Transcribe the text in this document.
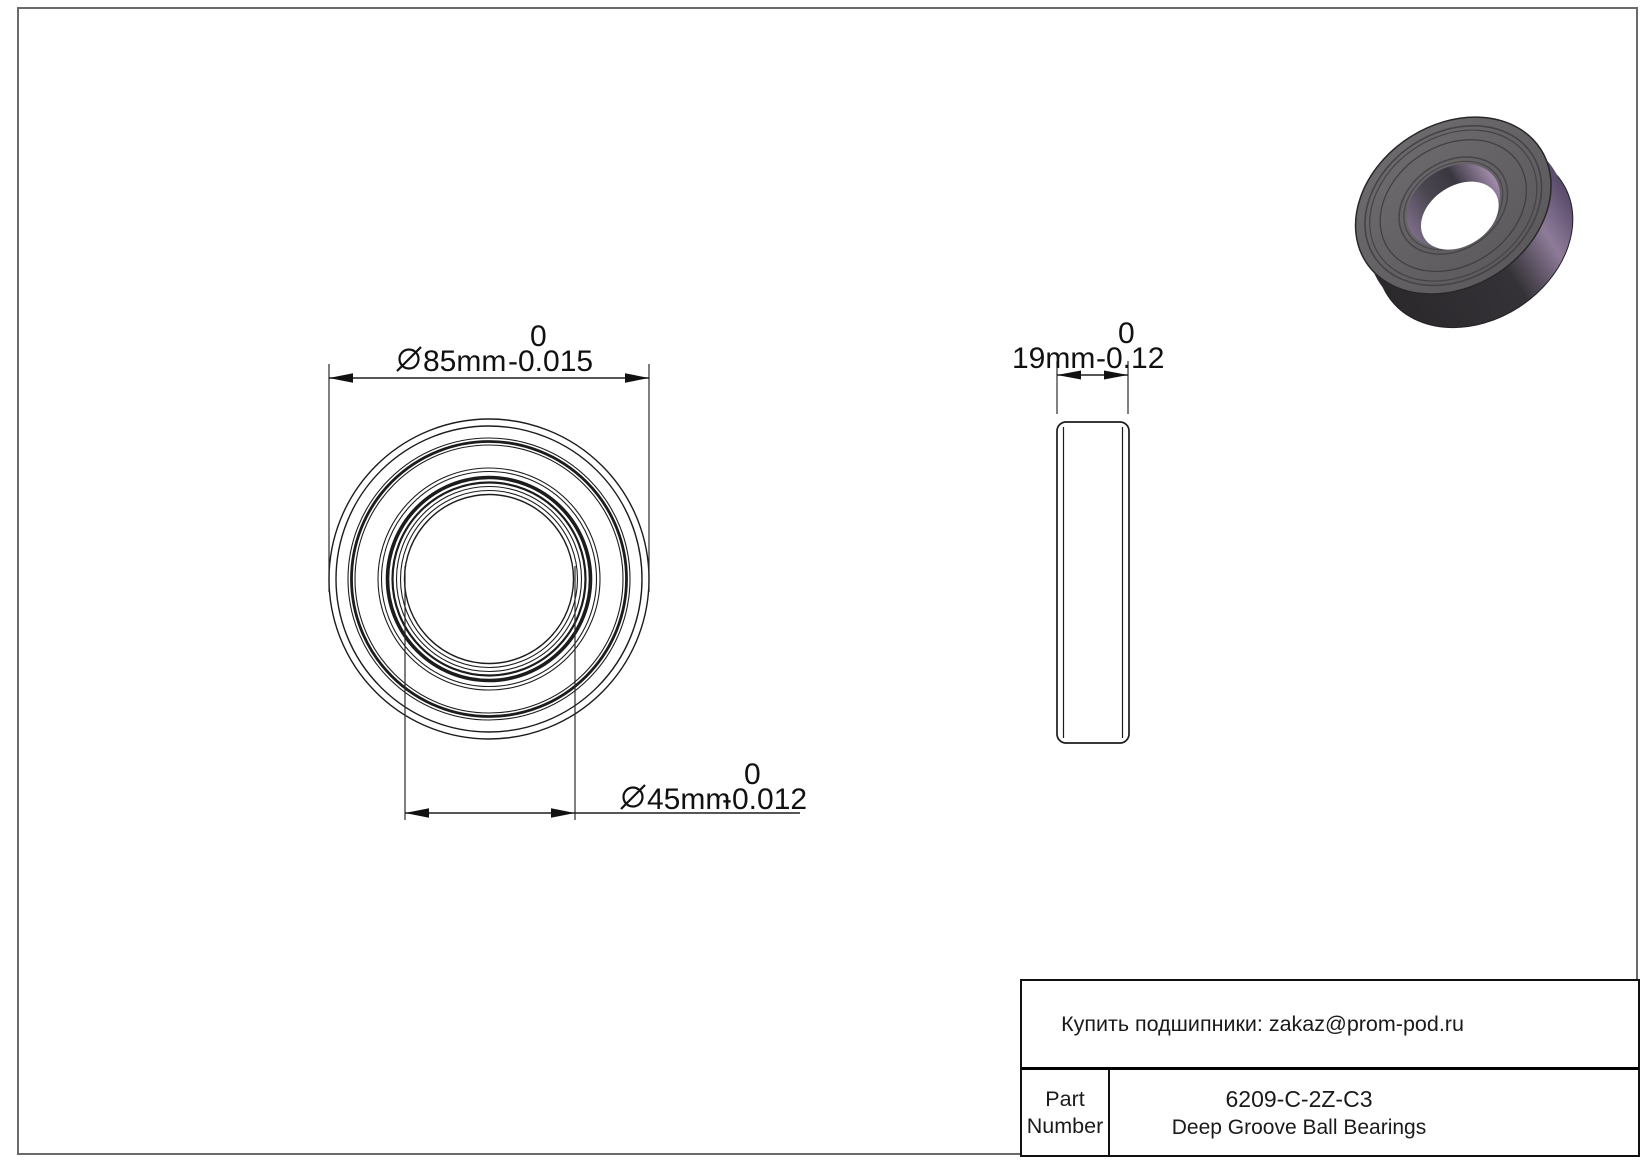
85mm
0
-0.015
45mm
0
-0.012
19mm
0
-0.12
Купить подшипники: zakaz@prom-pod.ru
Part
Number
6209-C-2Z-C3
Deep Groove Ball Bearings
